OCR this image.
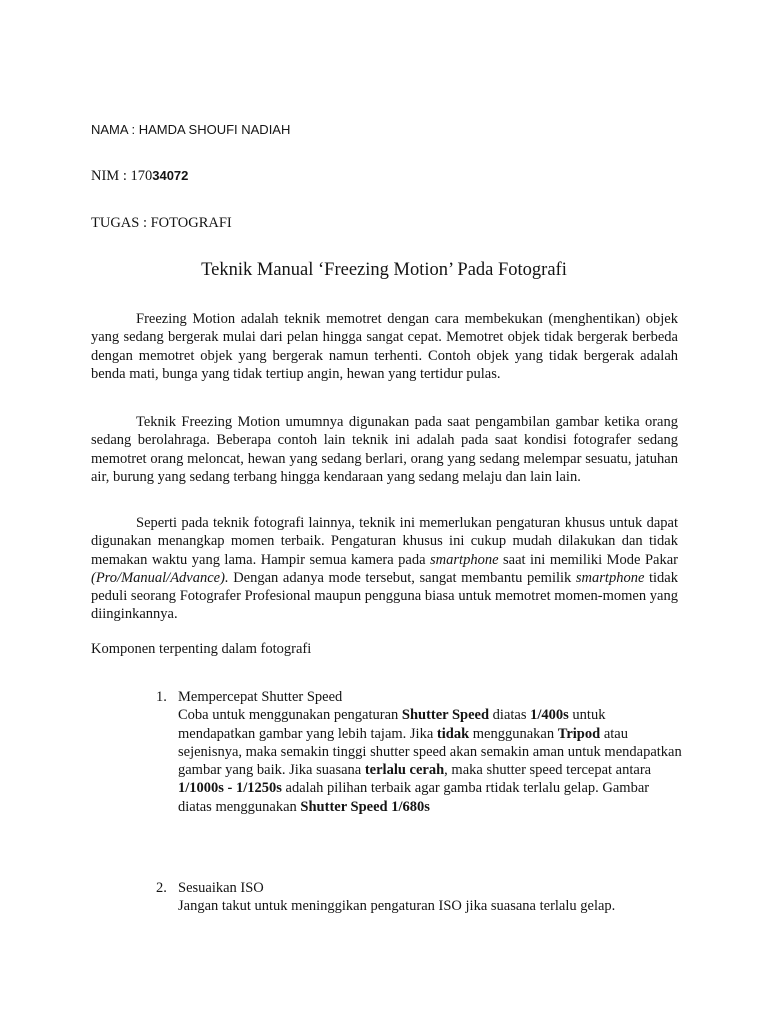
NAMA : HAMDA SHOUFI NADIAH
NIM : 17034072
TUGAS : FOTOGRAFI
Teknik Manual ‘Freezing Motion’ Pada Fotografi
Freezing Motion adalah teknik memotret dengan cara membekukan (menghentikan) objek yang sedang bergerak mulai dari pelan hingga sangat cepat. Memotret objek tidak bergerak berbeda dengan memotret objek yang bergerak namun terhenti. Contoh objek yang tidak bergerak adalah benda mati, bunga yang tidak tertiup angin, hewan yang tertidur pulas.
Teknik Freezing Motion umumnya digunakan pada saat pengambilan gambar ketika orang sedang berolahraga. Beberapa contoh lain teknik ini adalah pada saat kondisi fotografer sedang memotret orang meloncat, hewan yang sedang berlari, orang yang sedang melempar sesuatu, jatuhan air, burung yang sedang terbang hingga kendaraan yang sedang melaju dan lain lain.
Seperti pada teknik fotografi lainnya, teknik ini memerlukan pengaturan khusus untuk dapat digunakan menangkap momen terbaik. Pengaturan khusus ini cukup mudah dilakukan dan tidak memakan waktu yang lama. Hampir semua kamera pada smartphone saat ini memiliki Mode Pakar (Pro/Manual/Advance). Dengan adanya mode tersebut, sangat membantu pemilik smartphone tidak peduli seorang Fotografer Profesional maupun pengguna biasa untuk memotret momen-momen yang diinginkannya.
Komponen terpenting dalam fotografi
1. Mempercepat Shutter Speed
Coba untuk menggunakan pengaturan Shutter Speed diatas 1/400s untuk mendapatkan gambar yang lebih tajam. Jika tidak menggunakan Tripod atau sejenisnya, maka semakin tinggi shutter speed akan semakin aman untuk mendapatkan gambar yang baik. Jika suasana terlalu cerah, maka shutter speed tercepat antara 1/1000s - 1/1250s adalah pilihan terbaik agar gamba rtidak terlalu gelap. Gambar diatas menggunakan Shutter Speed 1/680s
2. Sesuaikan ISO
Jangan takut untuk meninggikan pengaturan ISO jika suasana terlalu gelap.
